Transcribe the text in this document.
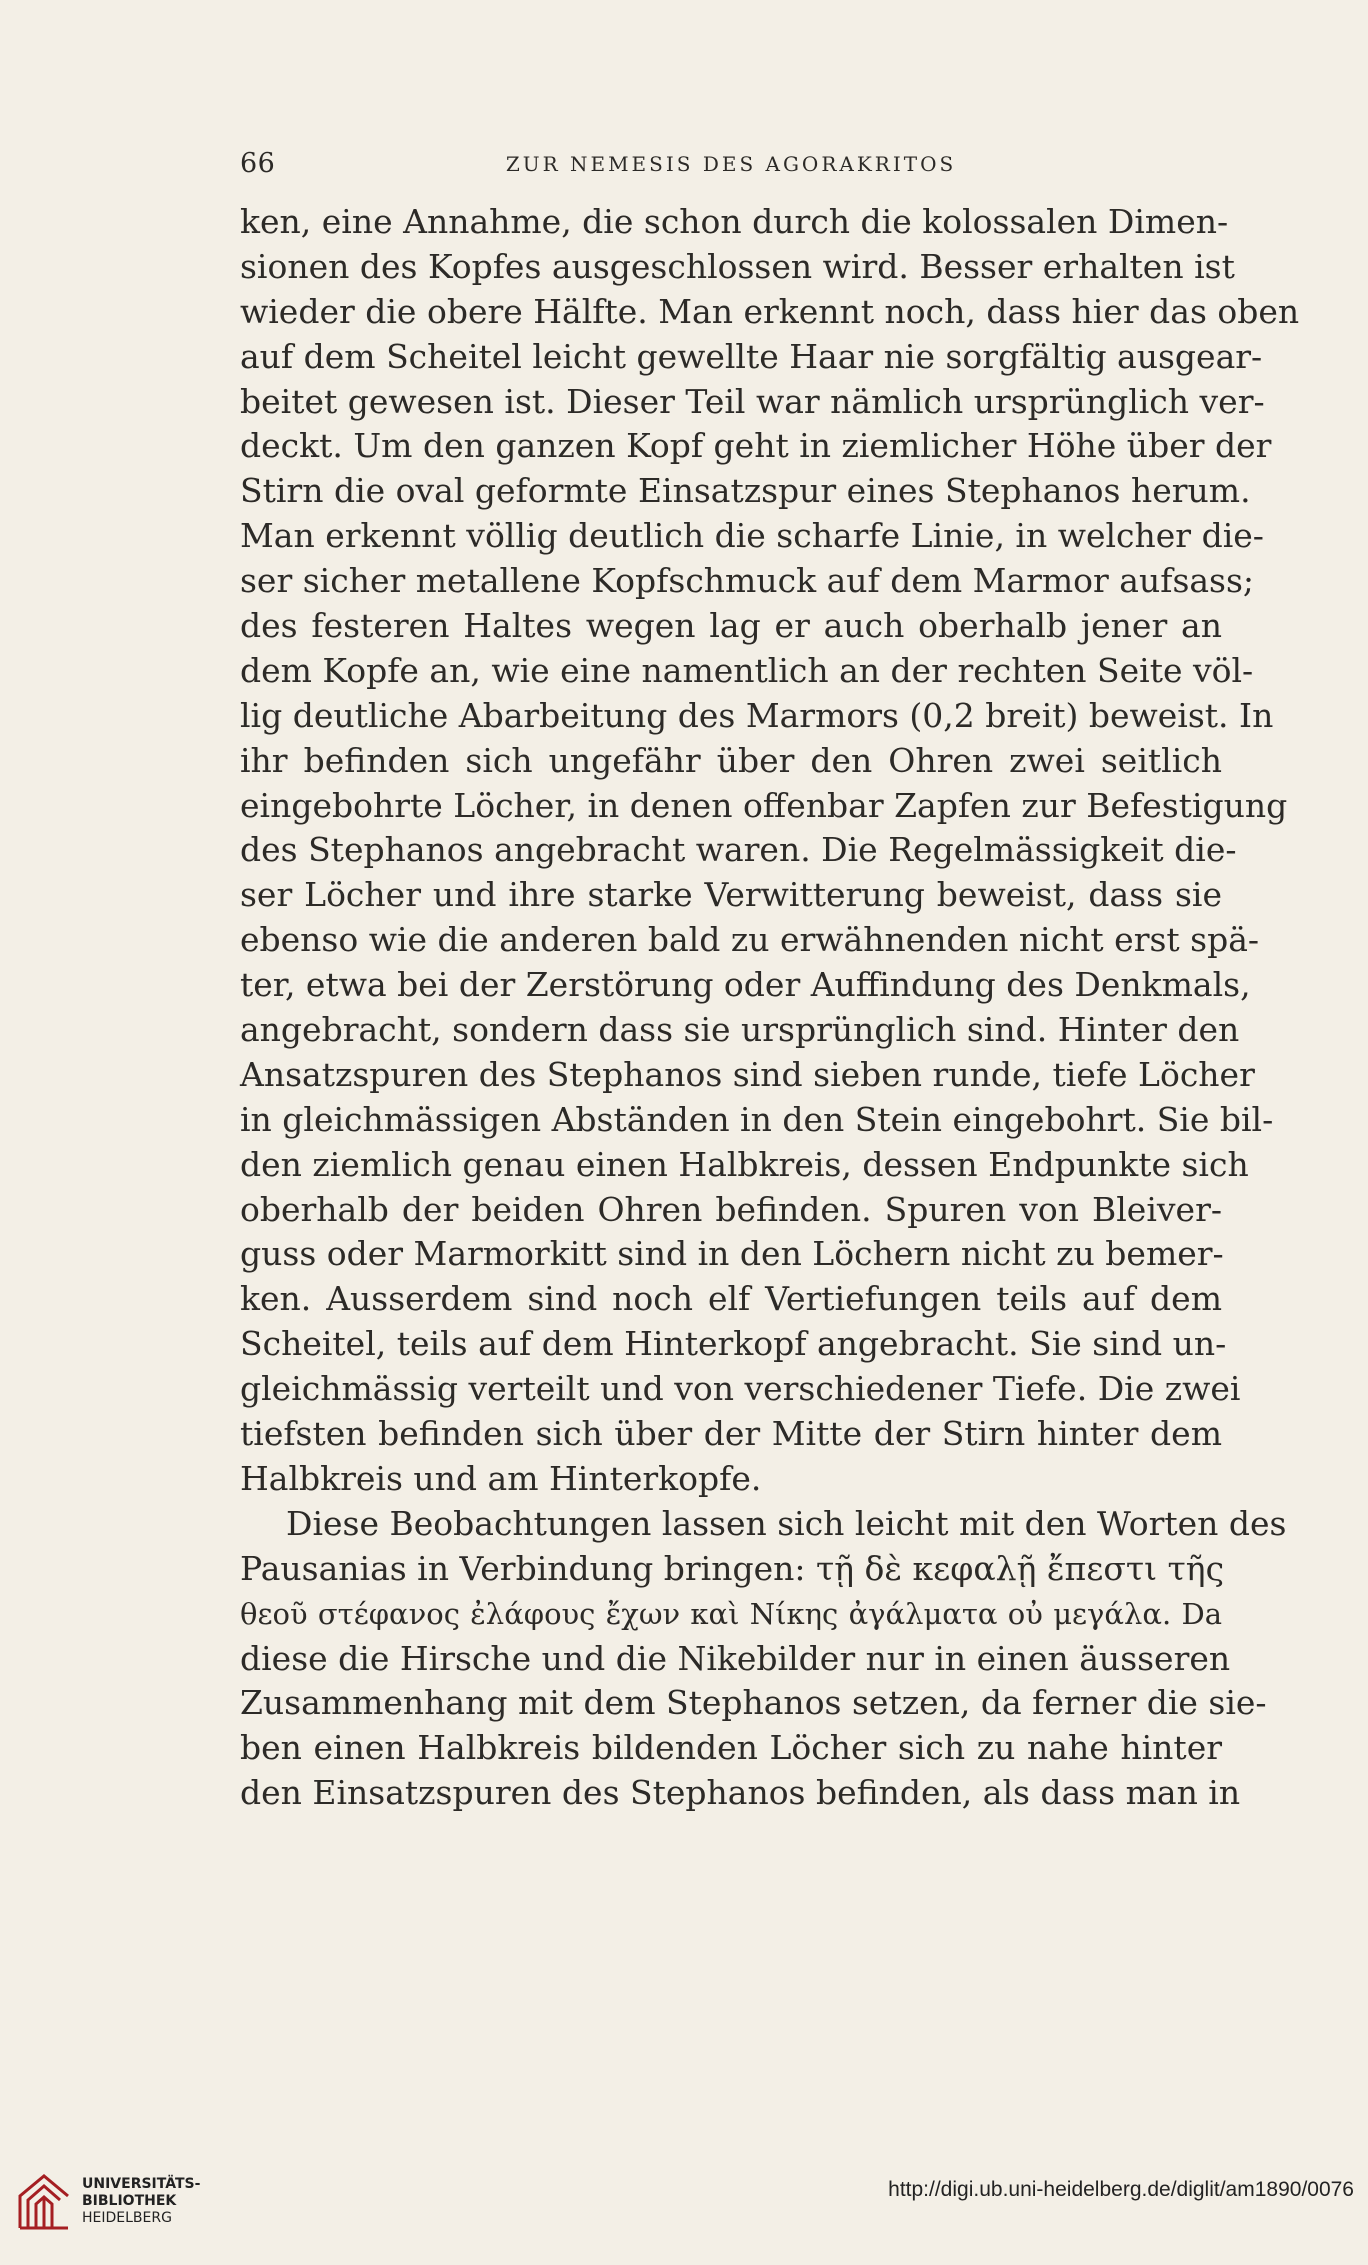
66	ZUR NEMESIS DES AGORAKRITOS
ken, eine Annahme, die schon durch die kolossalen Dimen-
sionen des Kopfes ausgeschlossen wird. Besser erhalten ist
wieder die obere Hälfte. Man erkennt noch, dass hier das oben
auf dem Scheitel leicht gewellte Haar nie sorgfältig ausgear-
beitet gewesen ist. Dieser Teil war nämlich ursprünglich ver-
deckt. Um den ganzen Kopf geht in ziemlicher Höhe über der
Stirn die oval geformte Einsatzspur eines Stephanos herum.
Man erkennt völlig deutlich die scharfe Linie, in welcher die-
ser sicher metallene Kopfschmuck auf dem Marmor aufsass;
des festeren Haltes wegen lag er auch oberhalb jener an
dem Kopfe an, wie eine namentlich an der rechten Seite völ-
lig deutliche Abarbeitung des Marmors (0,2 breit) beweist. In
ihr befinden sich ungefähr über den Ohren zwei seitlich
eingebohrte Löcher, in denen offenbar Zapfen zur Befestigung
des Stephanos angebracht waren. Die Regelmässigkeit die-
ser Löcher und ihre starke Verwitterung beweist, dass sie
ebenso wie die anderen bald zu erwähnenden nicht erst spä-
ter, etwa bei der Zerstörung oder Auffindung des Denkmals,
angebracht, sondern dass sie ursprünglich sind. Hinter den
Ansatzspuren des Stephanos sind sieben runde, tiefe Löcher
in gleichmässigen Abständen in den Stein eingebohrt. Sie bil-
den ziemlich genau einen Halbkreis, dessen Endpunkte sich
oberhalb der beiden Ohren befinden. Spuren von Bleiver-
guss oder Marmorkitt sind in den Löchern nicht zu bemer-
ken. Ausserdem sind noch elf Vertiefungen teils auf dem
Scheitel, teils auf dem Hinterkopf angebracht. Sie sind un-
gleichmässig verteilt und von verschiedener Tiefe. Die zwei
tiefsten befinden sich über der Mitte der Stirn hinter dem
Halbkreis und am Hinterkopfe.
Diese Beobachtungen lassen sich leicht mit den Worten des
Pausanias in Verbindung bringen: τῇ δὲ κεφαλῇ ἔπεστι τῆς
θεοῦ στέφανος ἐλάφους ἔχων καὶ Νίκης ἀγάλματα οὐ μεγάλα. Da
diese die Hirsche und die Nikebilder nur in einen äusseren
Zusammenhang mit dem Stephanos setzen, da ferner die sie-
ben einen Halbkreis bildenden Löcher sich zu nahe hinter
den Einsatzspuren des Stephanos befinden, als dass man in
UNIVERSITÄTS-
BIBLIOTHEK
HEIDELBERG
http://digi.ub.uni-heidelberg.de/diglit/am1890/0076
